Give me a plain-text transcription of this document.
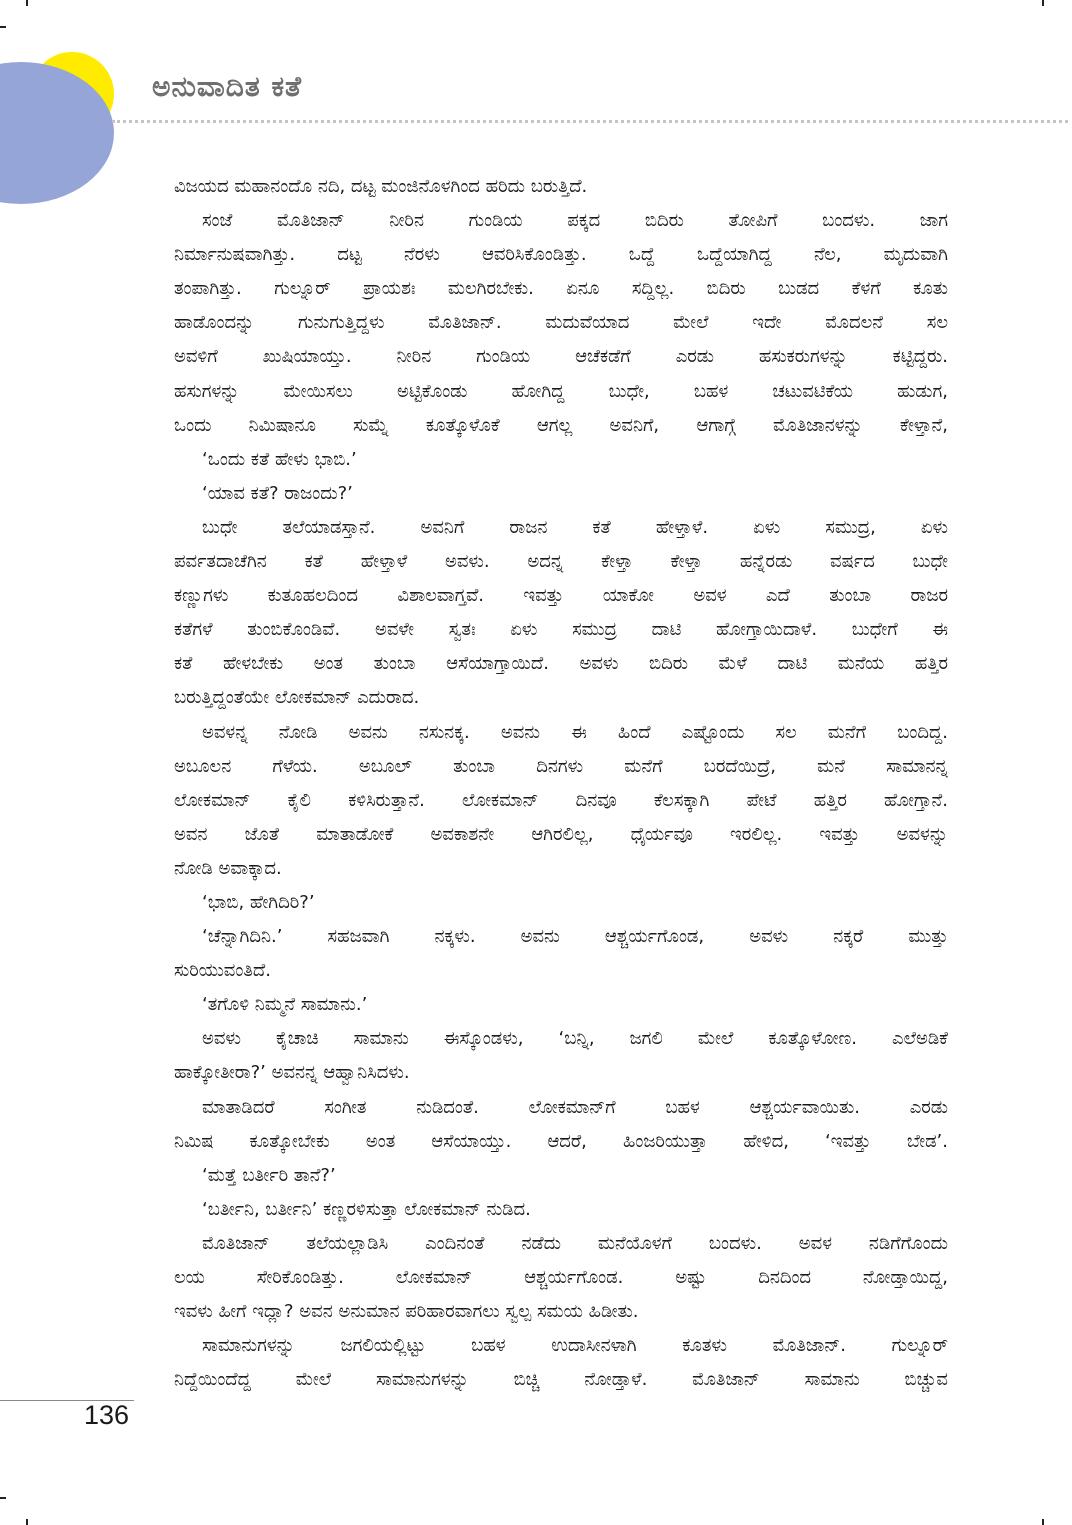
ಅನುವಾದಿತ ಕತೆ
ವಿಜಯದ ಮಹಾನಂದೊ ನದಿ, ದಟ್ಟ ಮಂಜಿನೊಳಗಿಂದ ಹರಿದು ಬರುತ್ತಿದೆ.
ಸಂಜೆ ಮೊತಿಜಾನ್ ನೀರಿನ ಗುಂಡಿಯ ಪಕ್ಕದ ಬಿದಿರು ತೋಪಿಗೆ ಬಂದಳು. ಜಾಗ
ನಿರ್ಮಾನುಷವಾಗಿತ್ತು. ದಟ್ಟ ನೆರಳು ಆವರಿಸಿಕೊಂಡಿತ್ತು. ಒದ್ದೆ ಒದ್ದೆಯಾಗಿದ್ದ ನೆಲ, ಮೃದುವಾಗಿ
ತಂಪಾಗಿತ್ತು. ಗುಲ್ನೂರ್ ಪ್ರಾಯಶಃ ಮಲಗಿರಬೇಕು. ಏನೂ ಸದ್ದಿಲ್ಲ. ಬಿದಿರು ಬುಡದ ಕೆಳಗೆ ಕೂತು
ಹಾಡೊಂದನ್ನು ಗುನುಗುತ್ತಿದ್ದಳು ಮೊತಿಜಾನ್. ಮದುವೆಯಾದ ಮೇಲೆ ಇದೇ ಮೊದಲನೆ ಸಲ
ಅವಳಿಗೆ ಖುಷಿಯಾಯ್ತು. ನೀರಿನ ಗುಂಡಿಯ ಆಚೆಕಡೆಗೆ ಎರಡು ಹಸುಕರುಗಳನ್ನು ಕಟ್ಟಿದ್ದರು.
ಹಸುಗಳನ್ನು ಮೇಯಿಸಲು ಅಟ್ಟಿಕೊಂಡು ಹೋಗಿದ್ದ ಬುಧೇ, ಬಹಳ ಚಟುವಟಿಕೆಯ ಹುಡುಗ,
ಒಂದು ನಿಮಿಷಾನೂ ಸುಮ್ನೆ ಕೂತ್ಕೊಳೊಕೆ ಆಗಲ್ಲ ಅವನಿಗೆ, ಆಗಾಗ್ಗೆ ಮೊತಿಜಾನಳನ್ನು ಕೇಳ್ತಾನೆ,
‘ಒಂದು ಕತೆ ಹೇಳು ಭಾಬಿ.’
‘ಯಾವ ಕತೆ? ರಾಜಂದು?’
ಬುಧೇ ತಲೆಯಾಡಸ್ತಾನೆ. ಅವನಿಗೆ ರಾಜನ ಕತೆ ಹೇಳ್ತಾಳೆ. ಏಳು ಸಮುದ್ರ, ಏಳು
ಪರ್ವತದಾಚೆಗಿನ ಕತೆ ಹೇಳ್ತಾಳೆ ಅವಳು. ಅದನ್ನ ಕೇಳ್ತಾ ಕೇಳ್ತಾ ಹನ್ನೆರಡು ವರ್ಷದ ಬುಧೇ
ಕಣ್ಣುಗಳು ಕುತೂಹಲದಿಂದ ವಿಶಾಲವಾಗ್ತವೆ. ಇವತ್ತು ಯಾಕೋ ಅವಳ ಎದೆ ತುಂಬಾ ರಾಜರ
ಕತೆಗಳೆ ತುಂಬಿಕೊಂಡಿವೆ. ಅವಳೇ ಸ್ವತಃ ಏಳು ಸಮುದ್ರ ದಾಟಿ ಹೋಗ್ತಾಯಿದಾಳೆ. ಬುಧೇಗೆ ಈ
ಕತೆ ಹೇಳಬೇಕು ಅಂತ ತುಂಬಾ ಆಸೆಯಾಗ್ತಾಯಿದೆ. ಅವಳು ಬಿದಿರು ಮೆಳೆ ದಾಟಿ ಮನೆಯ ಹತ್ತಿರ
ಬರುತ್ತಿದ್ದಂತೆಯೇ ಲೋಕಮಾನ್ ಎದುರಾದ.
ಅವಳನ್ನ ನೋಡಿ ಅವನು ನಸುನಕ್ಕ. ಅವನು ಈ ಹಿಂದೆ ಎಷ್ಟೊಂದು ಸಲ ಮನೆಗೆ ಬಂದಿದ್ದ.
ಅಬೂಲನ ಗೆಳೆಯ. ಅಬೂಲ್ ತುಂಬಾ ದಿನಗಳು ಮನೆಗೆ ಬರದೆಯಿದ್ರೆ, ಮನೆ ಸಾಮಾನನ್ನ
ಲೋಕಮಾನ್ ಕೈಲಿ ಕಳಿಸಿರುತ್ತಾನೆ. ಲೋಕಮಾನ್ ದಿನವೂ ಕೆಲಸಕ್ಕಾಗಿ ಪೇಟೆ ಹತ್ತಿರ ಹೋಗ್ತಾನೆ.
ಅವನ ಜೊತೆ ಮಾತಾಡೋಕೆ ಅವಕಾಶನೇ ಆಗಿರಲಿಲ್ಲ, ಧೈರ್ಯವೂ ಇರಲಿಲ್ಲ. ಇವತ್ತು ಅವಳನ್ನು
ನೋಡಿ ಅವಾಕ್ಕಾದ.
‘ಭಾಬಿ, ಹೇಗಿದಿರಿ?’
‘ಚೆನ್ನಾಗಿದಿನಿ.’ ಸಹಜವಾಗಿ ನಕ್ಕಳು. ಅವನು ಆಶ್ಚರ್ಯಗೊಂಡ, ಅವಳು ನಕ್ಕರೆ ಮುತ್ತು
ಸುರಿಯುವಂತಿದೆ.
‘ತಗೊಳಿ ನಿಮ್ಮನೆ ಸಾಮಾನು.’
ಅವಳು ಕೈಚಾಚಿ ಸಾಮಾನು ಈಸ್ಕೊಂಡಳು, ‘ಬನ್ನಿ, ಜಗಲಿ ಮೇಲೆ ಕೂತ್ಕೊಳೋಣ. ಎಲೆಅಡಿಕೆ
ಹಾಕ್ಕೋತೀರಾ?’ ಅವನನ್ನ ಆಹ್ವಾನಿಸಿದಳು.
ಮಾತಾಡಿದರೆ ಸಂಗೀತ ನುಡಿದಂತೆ. ಲೋಕಮಾನ್‌ಗೆ ಬಹಳ ಆಶ್ಚರ್ಯವಾಯಿತು. ಎರಡು
ನಿಮಿಷ ಕೂತ್ಕೋಬೇಕು ಅಂತ ಆಸೆಯಾಯ್ತು. ಆದರೆ, ಹಿಂಜರಿಯುತ್ತಾ ಹೇಳಿದ, ‘ಇವತ್ತು ಬೇಡ’.
‘ಮತ್ತೆ ಬರ್ತೀರಿ ತಾನೆ?’
‘ಬರ್ತೀನಿ, ಬರ್ತೀನಿ’ ಕಣ್ಣರಳಿಸುತ್ತಾ ಲೋಕಮಾನ್ ನುಡಿದ.
ಮೊತಿಜಾನ್ ತಲೆಯಲ್ಲಾಡಿಸಿ ಎಂದಿನಂತೆ ನಡೆದು ಮನೆಯೊಳಗೆ ಬಂದಳು. ಅವಳ ನಡಿಗೆಗೊಂದು
ಲಯ ಸೇರಿಕೊಂಡಿತ್ತು. ಲೋಕಮಾನ್ ಆಶ್ಚರ್ಯಗೊಂಡ. ಅಷ್ಟು ದಿನದಿಂದ ನೋಡ್ತಾಯಿದ್ದ,
ಇವಳು ಹೀಗೆ ಇದ್ಲಾ? ಅವನ ಅನುಮಾನ ಪರಿಹಾರವಾಗಲು ಸ್ವಲ್ಪ ಸಮಯ ಹಿಡೀತು.
ಸಾಮಾನುಗಳನ್ನು ಜಗಲಿಯಲ್ಲಿಟ್ಟು ಬಹಳ ಉದಾಸೀನಳಾಗಿ ಕೂತಳು ಮೊತಿಜಾನ್. ಗುಲ್ನೂರ್
ನಿದ್ದೆಯಿಂದೆದ್ದ ಮೇಲೆ ಸಾಮಾನುಗಳನ್ನು ಬಿಚ್ಚಿ ನೋಡ್ತಾಳೆ. ಮೊತಿಜಾನ್ ಸಾಮಾನು ಬಿಚ್ಚುವ
136
